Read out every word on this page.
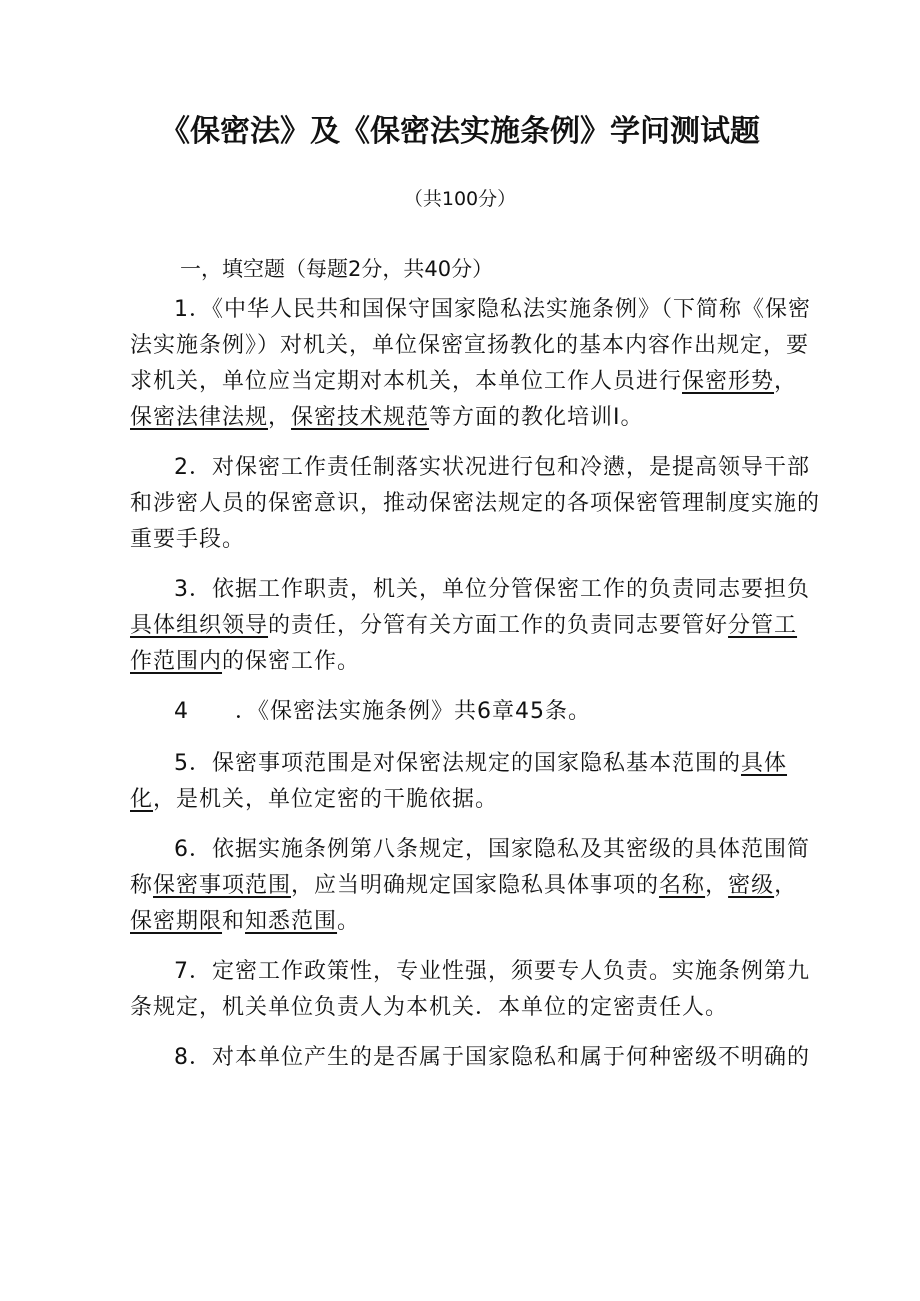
《保密法》及《保密法实施条例》学问测试题
（共100分）
一，填空题（每题2分，共40分）

1．《中华人民共和国保守国家隐私法实施条例》（下简称《保密法实施条例》）对机关，单位保密宣扬教化的基本内容作出规定，要求机关，单位应当定期对本机关，本单位工作人员进行保密形势，保密法律法规，保密技术规范等方面的教化培训I。

2．对保密工作责任制落实状况进行包和冷懑，是提高领导干部和涉密人员的保密意识，推动保密法规定的各项保密管理制度实施的重要手段。

3．依据工作职责，机关，单位分管保密工作的负责同志要担负具体组织领导的责任，分管有关方面工作的负责同志要管好分管工作范围内的保密工作。

4　　．《保密法实施条例》共6章45条。

5．保密事项范围是对保密法规定的国家隐私基本范围的具体化，是机关，单位定密的干脆依据。

6．依据实施条例第八条规定，国家隐私及其密级的具体范围简称保密事项范围，应当明确规定国家隐私具体事项的名称，密级，保密期限和知悉范围。

7．定密工作政策性，专业性强，须要专人负责。实施条例第九条规定，机关单位负责人为本机关．本单位的定密责任人。

8．对本单位产生的是否属于国家隐私和属于何种密级不明确的
